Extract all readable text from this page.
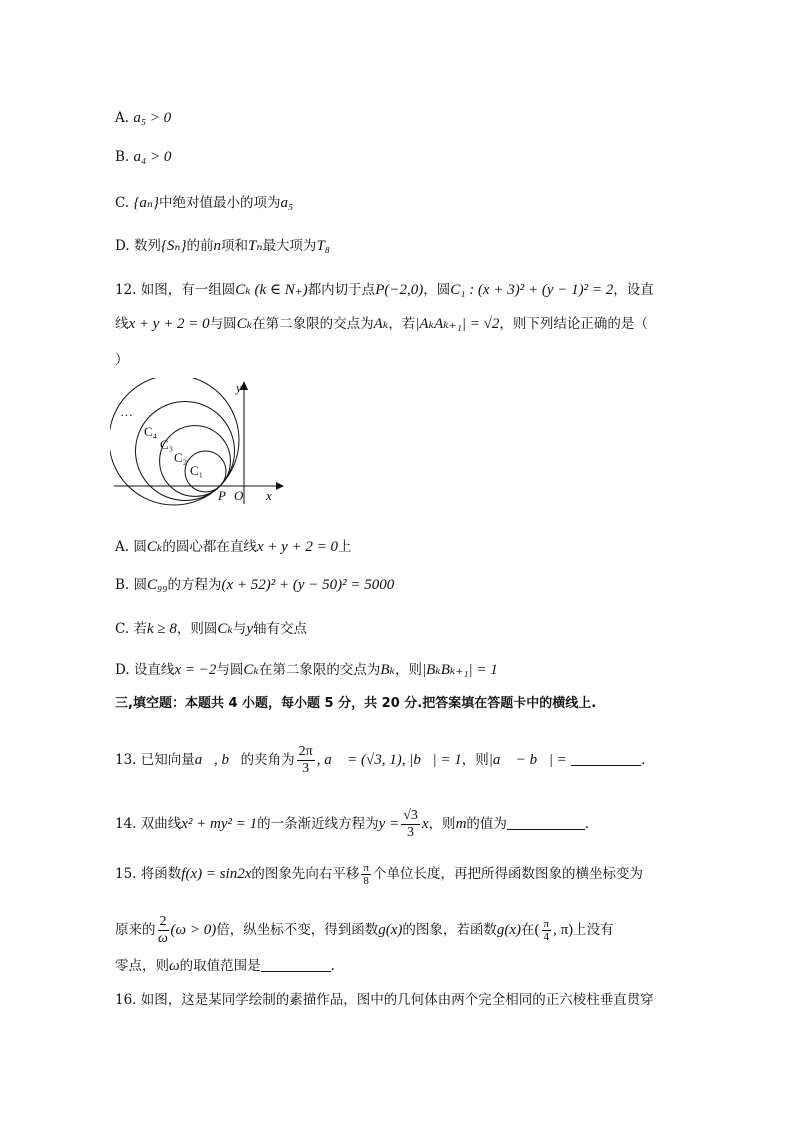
A. a₅ > 0
B. a₄ > 0
C. {aₙ}中绝对值最小的项为a₅
D. 数列{Sₙ}的前n项和Tₙ最大项为T₈
12. 如图，有一组圆Cₖ (k ∈ N₊)都内切于点P(−2,0)，圆C₁ : (x + 3)² + (y − 1)² = 2，设直
线x + y + 2 = 0与圆Cₖ在第二象限的交点为Aₖ，若|AₖAₖ₊₁| = √2，则下列结论正确的是（
）
…
C₄
C₃
C₂
C₁
y
x
P O
A. 圆Cₖ的圆心都在直线x + y + 2 = 0上
B. 圆C₉₉的方程为(x + 52)² + (y − 50)² = 5000
C. 若k ≥ 8，则圆Cₖ与y轴有交点
D. 设直线x = −2与圆Cₖ在第二象限的交点为Bₖ，则|BₖBₖ₊₁| = 1
三,填空题：本题共 4 小题，每小题 5 分，共 20 分.把答案填在答题卡中的横线上.
13. 已知向量a⃗, b⃗的夹角为 $\frac{2\pi}{3}$ , a⃗ = (√3, 1), |b⃗| = 1，则|a⃗ − b⃗| =	.
14. 双曲线x² + my² = 1的一条渐近线方程为$y = \frac{√3}{3}$ x，则m的值为	.
15. 将函数f(x) = sin2x的图象先向右平移 $\frac{\pi}{8}$ 个单位长度，再把所得函数图象的横坐标变为
原来的 $\frac{2}{\omega} (\omega > 0)$倍，纵坐标不变，得到函数g(x)的图象，若函数g(x)在( $\frac{\pi}{4}$ , π)上没有
零点，则ω的取值范围是	.
16. 如图，这是某同学绘制的素描作品，图中的几何体由两个完全相同的正六棱柱垂直贯穿
